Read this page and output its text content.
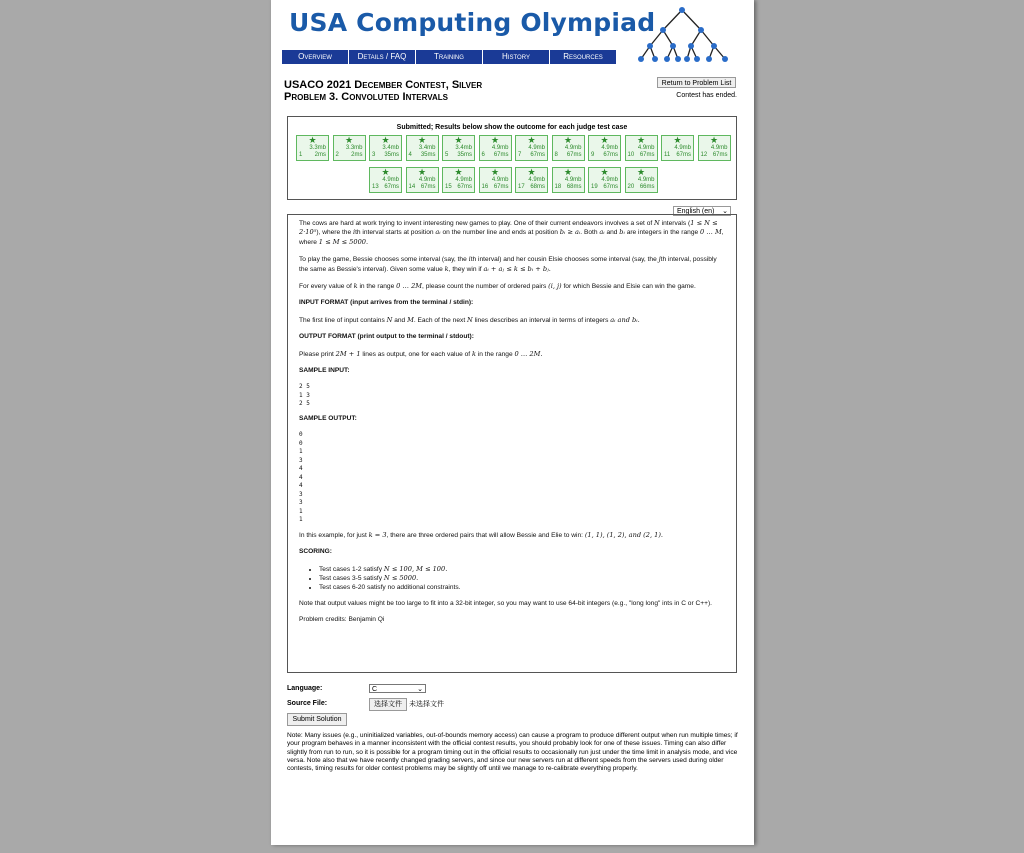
USA Computing Olympiad
Overview	Details / FAQ	Training	History	Resources
USACO 2021 December Contest, Silver
Problem 3. Convoluted Intervals
Return to Problem List
Contest has ended.
Submitted; Results below show the outcome for each judge test case
★
3.3mb
1 2ms
★
3.3mb
2 2ms
★
3.4mb
3 35ms
★
3.4mb
4 35ms
★
3.4mb
5 35ms
★
4.9mb
6 67ms
★
4.9mb
7 67ms
★
4.9mb
8 67ms
★
4.9mb
9 67ms
★
4.9mb
10 67ms
★
4.9mb
11 67ms
★
4.9mb
12 67ms
★
4.9mb
13 67ms
★
4.9mb
14 67ms
★
4.9mb
15 67ms
★
4.9mb
16 67ms
★
4.9mb
17 68ms
★
4.9mb
18 68ms
★
4.9mb
19 67ms
★
4.9mb
20 66ms
English (en) ⌄

The cows are hard at work trying to invent interesting new games to play. One of their current endeavors involves a set of N intervals (1 ≤ N ≤ 2·10⁵), where the ith interval starts at position aᵢ on the number line and ends at position bᵢ ≥ aᵢ. Both aᵢ and bᵢ are integers in the range 0 … M, where 1 ≤ M ≤ 5000.

To play the game, Bessie chooses some interval (say, the ith interval) and her cousin Elsie chooses some interval (say, the jth interval, possibly the same as Bessie's interval). Given some value k, they win if aᵢ + aⱼ ≤ k ≤ bᵢ + bⱼ.

For every value of k in the range 0 … 2M, please count the number of ordered pairs (i, j) for which Bessie and Elsie can win the game.

INPUT FORMAT (input arrives from the terminal / stdin):

The first line of input contains N and M. Each of the next N lines describes an interval in terms of integers aᵢ and bᵢ.

OUTPUT FORMAT (print output to the terminal / stdout):

Please print 2M + 1 lines as output, one for each value of k in the range 0 … 2M.

SAMPLE INPUT:

2 5
1 3
2 5

SAMPLE OUTPUT:

0
0
1
3
4
4
4
3
3
1
1

In this example, for just k = 3, there are three ordered pairs that will allow Bessie and Elie to win: (1, 1), (1, 2), and (2, 1).

SCORING:

• Test cases 1-2 satisfy N ≤ 100, M ≤ 100.
• Test cases 3-5 satisfy N ≤ 5000.
• Test cases 6-20 satisfy no additional constraints.

Note that output values might be too large to fit into a 32-bit integer, so you may want to use 64-bit integers (e.g., "long long" ints in C or C++).

Problem credits: Benjamin Qi

Language:	C	⌄
Source File:	选择文件	未选择文件
Submit Solution
Note: Many issues (e.g., uninitialized variables, out-of-bounds memory access) can cause a program to produce different output when run multiple times; if your program behaves in a manner inconsistent with the official contest results, you should probably look for one of these issues. Timing can also differ slightly from run to run, so it is possible for a program timing out in the official results to occasionally run just under the time limit in analysis mode, and vice versa. Note also that we have recently changed grading servers, and since our new servers run at different speeds from the servers used during older contests, timing results for older contest problems may be slightly off until we manage to re-calibrate everything properly.
